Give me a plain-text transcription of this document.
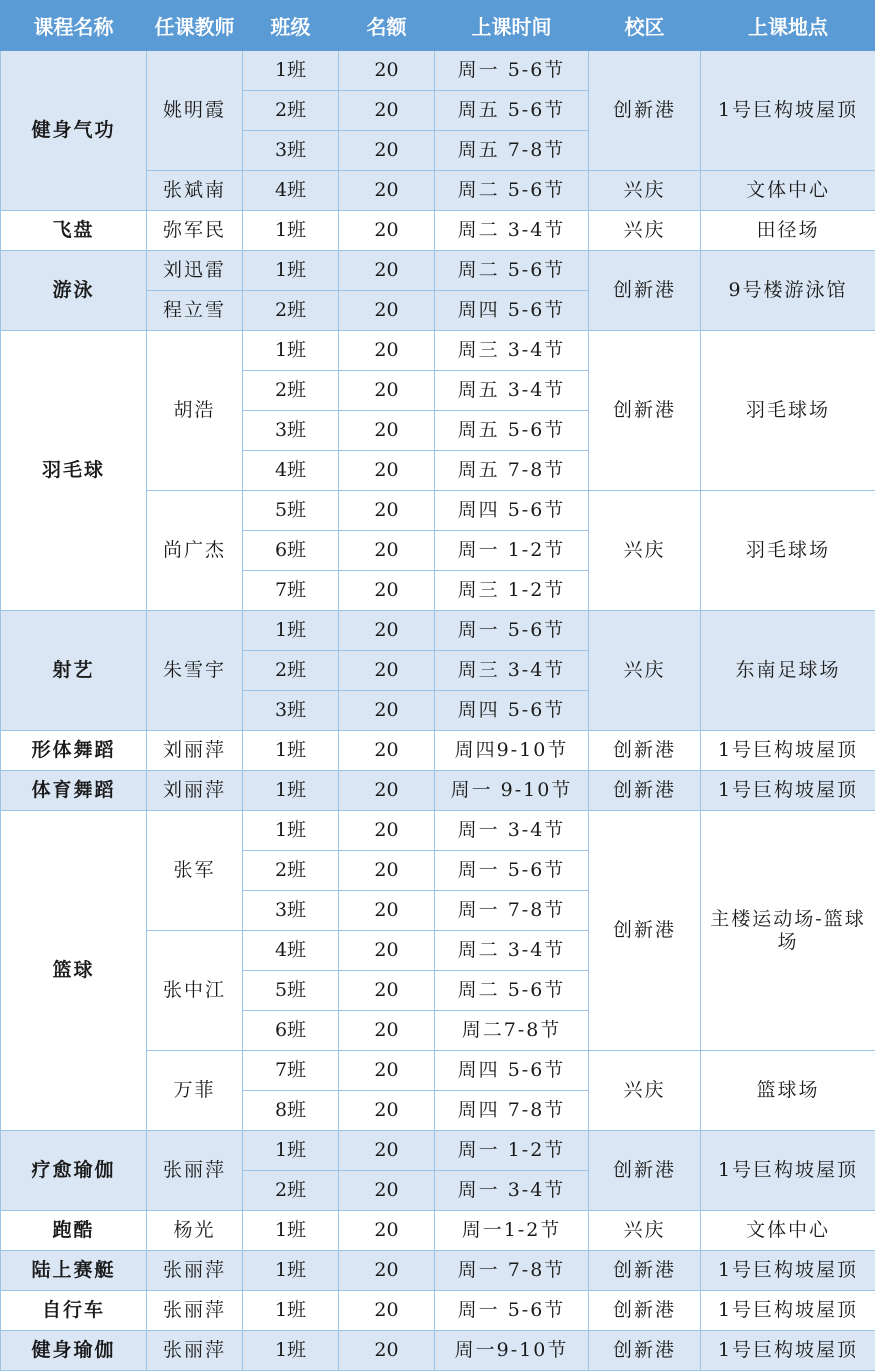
课程名称	任课教师	班级	名额	上课时间	校区	上课地点
健身气功	姚明霞	1班	20	周一 5-6节	创新港	1号巨构坡屋顶
		2班	20	周五 5-6节		
		3班	20	周五 7-8节		
	张斌南	4班	20	周二 5-6节	兴庆	文体中心
飞盘	弥军民	1班	20	周二 3-4节	兴庆	田径场
游泳	刘迅雷	1班	20	周二 5-6节	创新港	9号楼游泳馆
	程立雪	2班	20	周四 5-6节		
羽毛球	胡浩	1班	20	周三 3-4节	创新港	羽毛球场
		2班	20	周五 3-4节		
		3班	20	周五 5-6节		
		4班	20	周五 7-8节		
	尚广杰	5班	20	周四 5-6节	兴庆	羽毛球场
		6班	20	周一 1-2节		
		7班	20	周三 1-2节		
射艺	朱雪宇	1班	20	周一 5-6节	兴庆	东南足球场
		2班	20	周三 3-4节		
		3班	20	周四 5-6节		
形体舞蹈	刘丽萍	1班	20	周四9-10节	创新港	1号巨构坡屋顶
体育舞蹈	刘丽萍	1班	20	周一 9-10节	创新港	1号巨构坡屋顶
篮球	张军	1班	20	周一 3-4节	创新港	主楼运动场-篮球场
		2班	20	周一 5-6节		
		3班	20	周一 7-8节		
	张中江	4班	20	周二 3-4节		
		5班	20	周二 5-6节		
		6班	20	周二7-8节		
	万菲	7班	20	周四 5-6节	兴庆	篮球场
		8班	20	周四 7-8节		
疗愈瑜伽	张丽萍	1班	20	周一 1-2节	创新港	1号巨构坡屋顶
		2班	20	周一 3-4节		
跑酷	杨光	1班	20	周一1-2节	兴庆	文体中心
陆上赛艇	张丽萍	1班	20	周一 7-8节	创新港	1号巨构坡屋顶
自行车	张丽萍	1班	20	周一 5-6节	创新港	1号巨构坡屋顶
健身瑜伽	张丽萍	1班	20	周一9-10节	创新港	1号巨构坡屋顶
